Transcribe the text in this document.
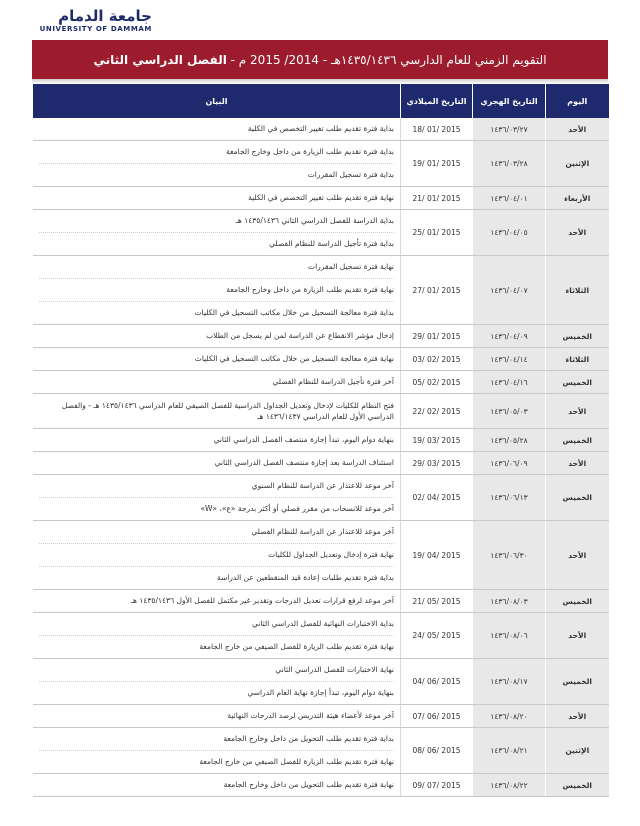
جامعة الدمام
UNIVERSITY OF DAMMAM
التقويم الزمني للعام الدارسي ١٤٣٥/١٤٣٦هـ - 2014/ 2015 م -

الفصل الدراسي الثاني
اليوم	التاريخ الهجري	التاريخ الميلادي	البيان
الأحد	١٤٣٦/٠٣/٢٧	2015 /01 /18	بداية فترة تقديم طلب تغيير التخصص في الكلية

الإثنين	١٤٣٦/٠٣/٢٨	2015 /01 /19	بداية فترة تقديم طلب الزيارة من داخل وخارج الجامعة
بداية فترة تسجيل المقررات

الأربعاء	١٤٣٦/٠٤/٠١	2015 /01 /21	نهاية فترة تقديم طلب تغيير التخصص في الكلية

الأحد	١٤٣٦/٠٤/٠٥	2015 /01 /25	بداية الدراسة للفصل الدراسي الثاني ١٤٣٥/١٤٣٦ هـ
بداية فترة تأجيل الدراسة للنظام الفصلي

الثلاثاء	١٤٣٦/٠٤/٠٧	2015 /01 /27	نهاية فترة تسجيل المقررات
نهاية فترة تقديم طلب الزيارة من داخل وخارج الجامعة
بداية فترة معالجة التسجيل من خلال مكاتب التسجيل في الكليات

الخميس	١٤٣٦/٠٤/٠٩	2015 /01 /29	إدخال مؤشر الانقطاع عن الدراسة لمن لم يسجل من الطلاب

الثلاثاء	١٤٣٦/٠٤/١٤	2015 /02 /03	نهاية فترة معالجة التسجيل من خلال مكاتب التسجيل في الكليات

الخميس	١٤٣٦/٠٤/١٦	2015 /02 /05	آخر فترة تأجيل الدراسة للنظام الفصلي

الأحد	١٤٣٦/٠٥/٠٣	2015 /02 /22	فتح النظام للكليات لإدخال وتعديل الجداول الدراسية للفصل الصيفي للعام الدراسي ١٤٣٥/١٤٣٦ هـ - والفصل الدراسي الأول للعام الدراسي ١٤٣٦/١٤٣٧ هـ

الخميس	١٤٣٦/٠٥/٢٨	2015 /03 /19	بنهاية دوام اليوم، تبدأ إجازة منتصف الفصل الدراسي الثاني

الأحد	١٤٣٦/٠٦/٠٩	2015 /03 /29	استئناف الدراسة بعد إجازة منتصف الفصل الدراسي الثاني

الخميس	١٤٣٦/٠٦/١٣	2015 /04 /02	آخر موعد للاعتذار عن الدراسة للنظام السنوي
آخر موعد للانسحاب من مقرر فصلي أو أكثر بدرجة «ع»، «W»

الأحد	١٤٣٦/٠٦/٣٠	2015 /04 /19	آخر موعد للاعتذار عن الدراسة للنظام الفصلي
نهاية فترة إدخال وتعديل الجداول للكليات
بداية فترة تقديم طلبات إعادة قيد المنقطعين عن الدراسة

الخميس	١٤٣٦/٠٨/٠٣	2015 /05 /21	آخر موعد لرفع قرارات تعديل الدرجات وتقدير غير مكتمل للفصل الأول ١٤٣٥/١٤٣٦ هـ

الأحد	١٤٣٦/٠٨/٠٦	2015 /05 /24	بداية الاختبارات النهائية للفصل الدراسي الثاني
نهاية فترة تقديم طلب الزيارة للفصل الصيفي من خارج الجامعة

الخميس	١٤٣٦/٠٨/١٧	2015 /06 /04	نهاية الاختبارات للفصل الدراسي الثاني
بنهاية دوام اليوم، تبدأ إجازة نهاية العام الدراسي

الأحد	١٤٣٦/٠٨/٢٠	2015 /06 /07	آخر موعد لأعضاء هيئة التدريس لرصد الدرجات النهائية

الإثنين	١٤٣٦/٠٨/٢١	2015 /06 /08	بداية فترة تقديم طلب التحويل من داخل وخارج الجامعة
نهاية فترة تقديم طلب الزيارة للفصل الصيفي من خارج الجامعة

الخميس	١٤٣٦/٠٨/٢٢	2015 /07 /09	نهاية فترة تقديم طلب التحويل من داخل وخارج الجامعة
